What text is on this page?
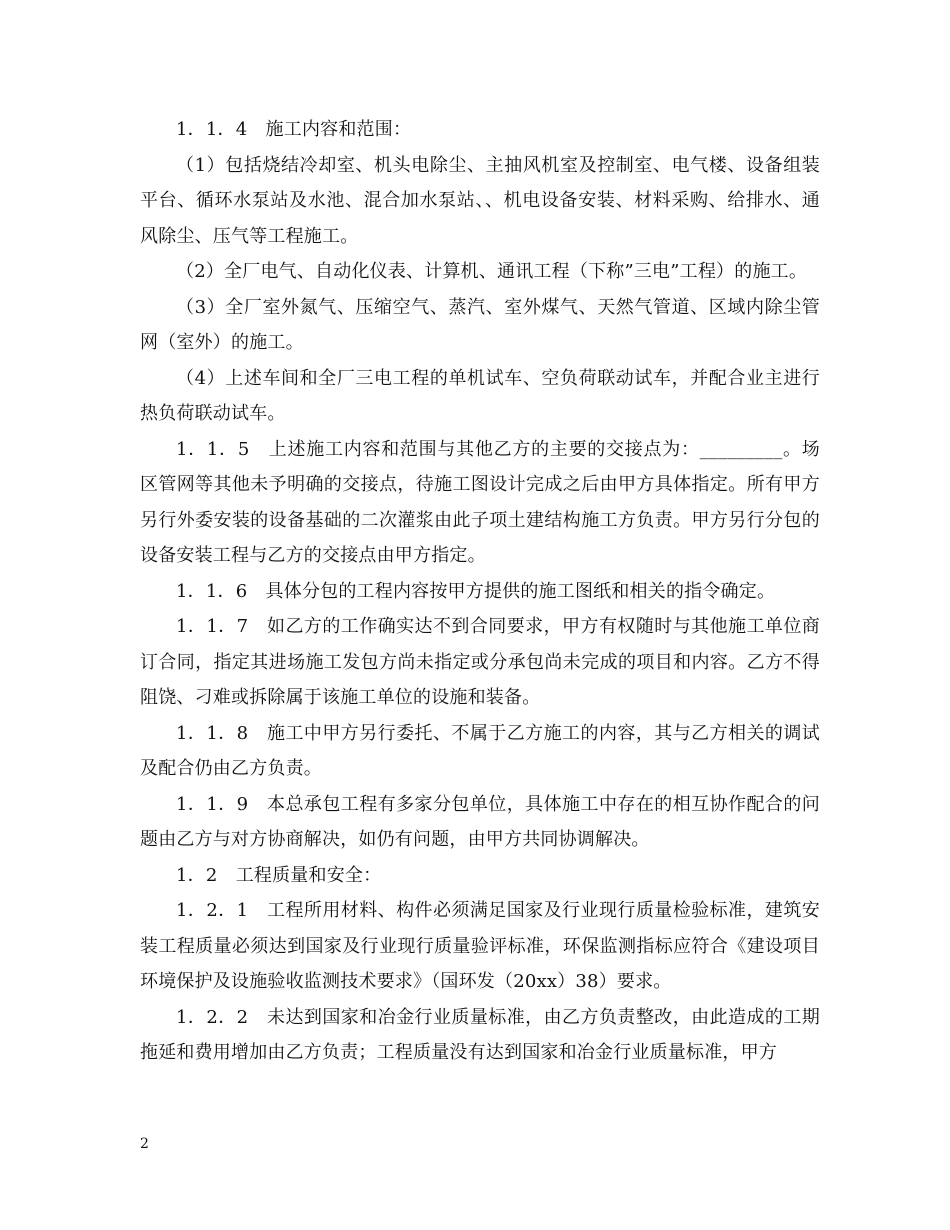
1．1．4　施工内容和范围：

（1）包括烧结冷却室、机头电除尘、主抽风机室及控制室、电气楼、设备组装平台、循环水泵站及水池、混合加水泵站、、机电设备安装、材料采购、给排水、通风除尘、压气等工程施工。

（2）全厂电气、自动化仪表、计算机、通讯工程（下称”三电”工程）的施工。

（3）全厂室外氮气、压缩空气、蒸汽、室外煤气、天然气管道、区域内除尘管网（室外）的施工。

（4）上述车间和全厂三电工程的单机试车、空负荷联动试车，并配合业主进行热负荷联动试车。

1．1．5　上述施工内容和范围与其他乙方的主要的交接点为：_________。场区管网等其他未予明确的交接点，待施工图设计完成之后由甲方具体指定。所有甲方另行外委安装的设备基础的二次灌浆由此子项土建结构施工方负责。甲方另行分包的设备安装工程与乙方的交接点由甲方指定。

1．1．6　具体分包的工程内容按甲方提供的施工图纸和相关的指令确定。

1．1．7　如乙方的工作确实达不到合同要求，甲方有权随时与其他施工单位商订合同，指定其进场施工发包方尚未指定或分承包尚未完成的项目和内容。乙方不得阻饶、刁难或拆除属于该施工单位的设施和装备。

1．1．8　施工中甲方另行委托、不属于乙方施工的内容，其与乙方相关的调试及配合仍由乙方负责。

1．1．9　本总承包工程有多家分包单位，具体施工中存在的相互协作配合的问题由乙方与对方协商解决，如仍有问题，由甲方共同协调解决。

1．2　工程质量和安全：

1．2．1　工程所用材料、构件必须满足国家及行业现行质量检验标准，建筑安装工程质量必须达到国家及行业现行质量验评标准，环保监测指标应符合《建设项目环境保护及设施验收监测技术要求》（国环发（20xx）38）要求。

1．2．2　未达到国家和冶金行业质量标准，由乙方负责整改，由此造成的工期拖延和费用增加由乙方负责；工程质量没有达到国家和冶金行业质量标准，甲方

2
